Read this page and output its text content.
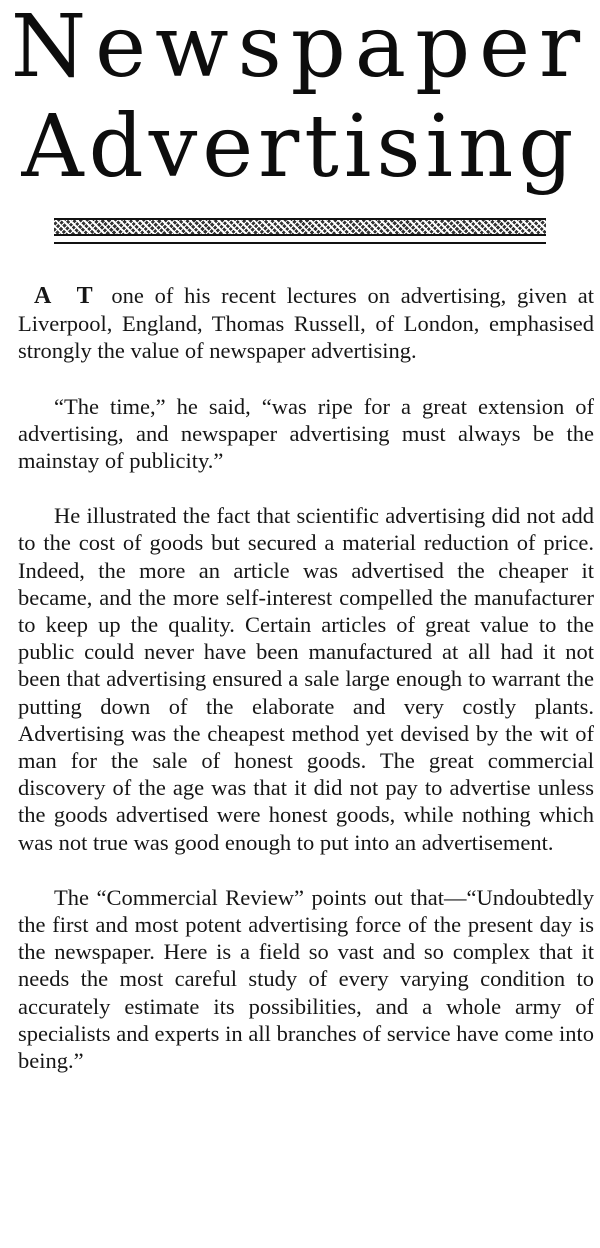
Newspaper
Advertising

A T one of his recent lectures on advertising, given at Liverpool, England, Thomas Russell, of London, emphasised strongly the value of newspaper advertising.

“The time,” he said, “was ripe for a great extension of advertising, and newspaper advertising must always be the mainstay of publicity.”

He illustrated the fact that scientific advertising did not add to the cost of goods but secured a material reduction of price. Indeed, the more an article was advertised the cheaper it became, and the more self-interest compelled the manufacturer to keep up the quality. Certain articles of great value to the public could never have been manufactured at all had it not been that advertising ensured a sale large enough to warrant the putting down of the elaborate and very costly plants. Advertising was the cheapest method yet devised by the wit of man for the sale of honest goods. The great commercial discovery of the age was that it did not pay to advertise unless the goods advertised were honest goods, while nothing which was not true was good enough to put into an advertisement.

The “Commercial Review” points out that—“Undoubtedly the first and most potent advertising force of the present day is the newspaper. Here is a field so vast and so complex that it needs the most careful study of every varying condition to accurately estimate its possibilities, and a whole army of specialists and experts in all branches of service have come into being.”
